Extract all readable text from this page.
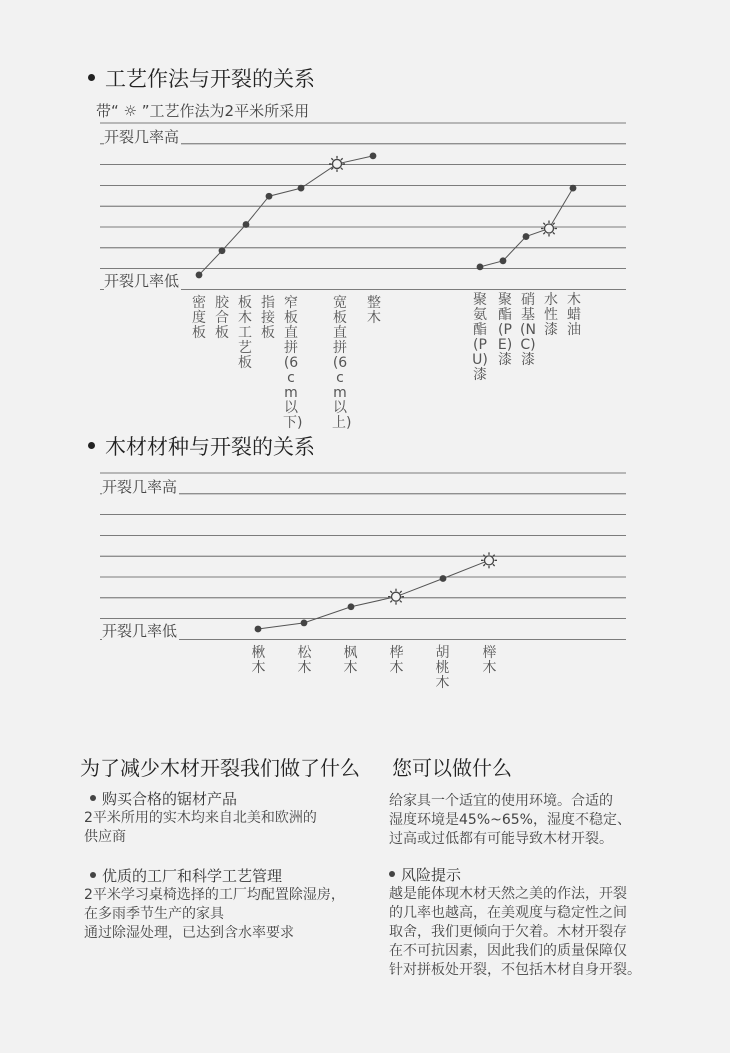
工艺作法与开裂的关系
带“ ☼ ”工艺作法为2平米所采用
开裂几率高
开裂几率低
木材材种与开裂的关系
开裂几率高
开裂几率低
密度板
胶合板
板木工艺板
指接板
窄板直拼(6cm以下)
宽板直拼(6cm以上)
整木
聚氨酯(PU)漆
聚酯(PE)漆
硝基(NC)漆
水性漆
木蜡油
楸木
松木
枫木
桦木
胡桃木
榉木
为了减少木材开裂我们做了什么 您可以做什么
购买合格的锯材产品
2平米所用的实木均来自北美和欧洲的
供应商
优质的工厂和科学工艺管理
2平米学习桌椅选择的工厂均配置除湿房，
在多雨季节生产的家具
通过除湿处理，已达到含水率要求
给家具一个适宜的使用环境。合适的
湿度环境是45%~65%，湿度不稳定、
过高或过低都有可能导致木材开裂。
风险提示
越是能体现木材天然之美的作法，开裂
的几率也越高，在美观度与稳定性之间
取舍，我们更倾向于欠着。木材开裂存
在不可抗因素，因此我们的质量保障仅
针对拼板处开裂，不包括木材自身开裂。
